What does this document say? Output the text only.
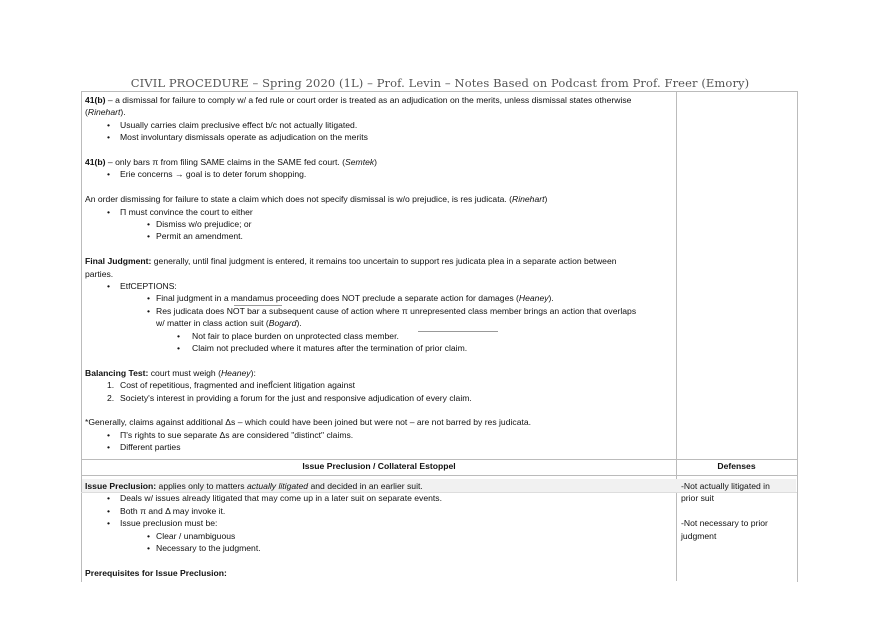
CIVIL PROCEDURE – Spring 2020 (1L) – Prof. Levin – Notes Based on Podcast from Prof. Freer (Emory)
Issue Preclusion / Collateral Estoppel	Defenses
41(b) – a dismissal for failure to comply w/ a fed rule or court order is treated as an adjudication on the merits, unless dismissal states otherwise
(Rinehart).
• Usually carries claim preclusive effect b/c not actually litigated.
• Most involuntary dismissals operate as adjudication on the merits
41(b) – only bars π from filing SAME claims in the SAME fed court. (Semtek)
• Erie concerns → goal is to deter forum shopping.
An order dismissing for failure to state a claim which does not specify dismissal is w/o prejudice, is res judicata. (Rinehart)
• Π must convince the court to either
• Dismiss w/o prejudice; or
• Permit an amendment.
Final Judgment: generally, until final judgment is entered, it remains too uncertain to support res judicata plea in a separate action between
parties.
• EtfCEPTIONS:
• Final judgment in a mandamus proceeding does NOT preclude a separate action for damages (Heaney).
• Res judicata does NOT bar a subsequent cause of action where π unrepresented class member brings an action that overlaps
w/ matter in class action suit (Bogard).
• Not fair to place burden on unprotected class member.
• Claim not precluded where it matures after the termination of prior claim.
Balancing Test: court must weigh (Heaney):
1. Cost of repetitious, fragmented and inefÎcient litigation against
2. Society's interest in providing a forum for the just and responsive adjudication of every claim.
*Generally, claims against additional Δs – which could have been joined but were not – are not barred by res judicata.
• Π's rights to sue separate Δs are considered "distinct" claims.
• Different parties
Issue Preclusion: applies only to matters actually litigated and decided in an earlier suit.
• Deals w/ issues already litigated that may come up in a later suit on separate events.
• Both π and Δ may invoke it.
• Issue preclusion must be:
• Clear / unambiguous
• Necessary to the judgment.
Prerequisites for Issue Preclusion:
-Not actually litigated in
prior suit
-Not necessary to prior
judgment
